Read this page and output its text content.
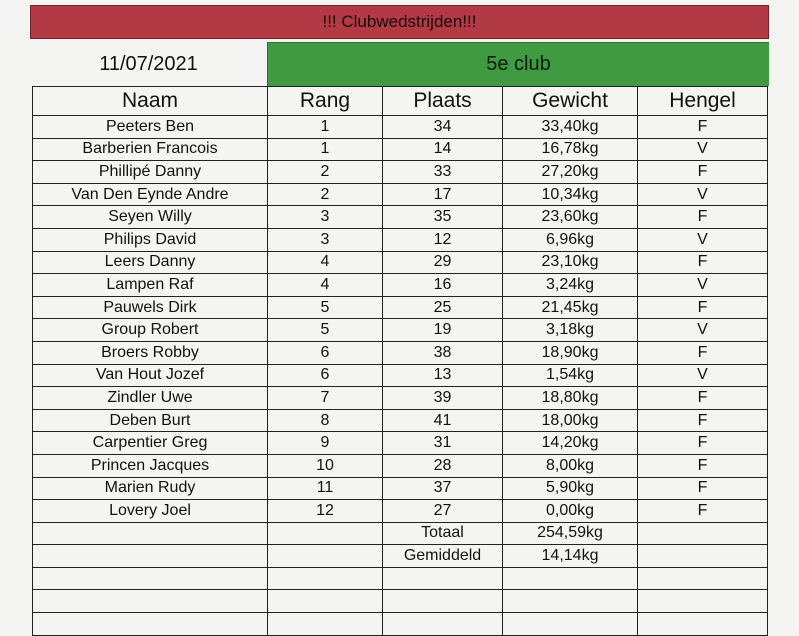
!!! Clubwedstrijden!!!
11/07/2021	5e club
Naam	Rang	Plaats	Gewicht	Hengel
Peeters Ben	1	34	33,40kg	F
Barberien Francois	1	14	16,78kg	V
Phillipé Danny	2	33	27,20kg	F
Van Den Eynde Andre	2	17	10,34kg	V
Seyen Willy	3	35	23,60kg	F
Philips David	3	12	6,96kg	V
Leers Danny	4	29	23,10kg	F
Lampen Raf	4	16	3,24kg	V
Pauwels Dirk	5	25	21,45kg	F
Group Robert	5	19	3,18kg	V
Broers Robby	6	38	18,90kg	F
Van Hout Jozef	6	13	1,54kg	V
Zindler Uwe	7	39	18,80kg	F
Deben Burt	8	41	18,00kg	F
Carpentier Greg	9	31	14,20kg	F
Princen Jacques	10	28	8,00kg	F
Marien Rudy	11	37	5,90kg	F
Lovery Joel	12	27	0,00kg	F
		Totaal	254,59kg	
		Gemiddeld	14,14kg	
